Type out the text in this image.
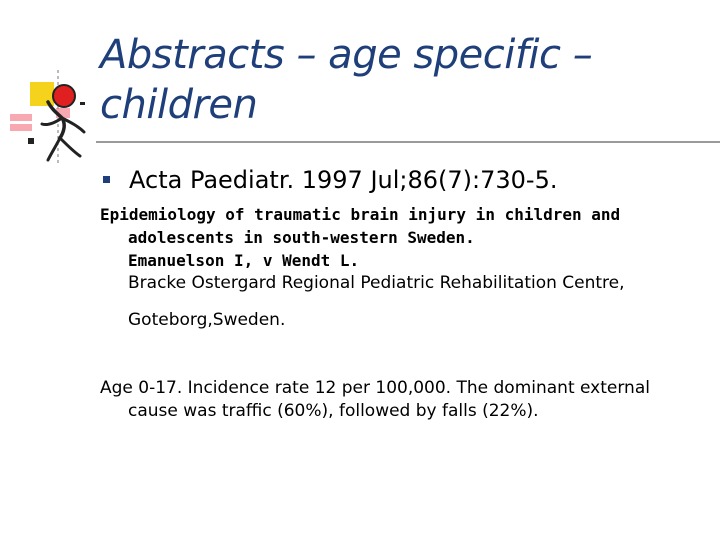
Abstracts – age specific –
children
Acta Paediatr. 1997 Jul;86(7):730-5.
Epidemiology of traumatic brain injury in children and
adolescents in south-western Sweden.
Emanuelson I, v Wendt L.
Bracke Ostergard Regional Pediatric Rehabilitation Centre,
Goteborg,Sweden.
Age 0-17. Incidence rate 12 per 100,000. The dominant external
cause was traffic (60%), followed by falls (22%).
